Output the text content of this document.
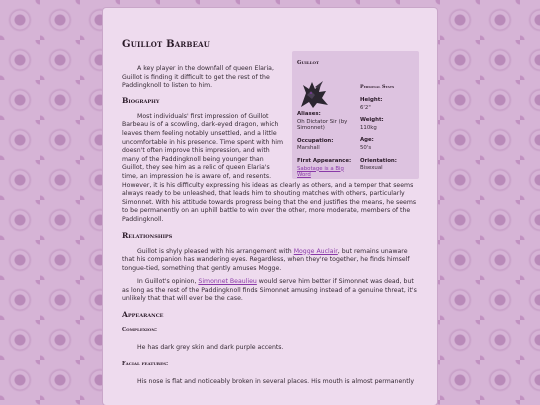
Guillot Barbeau
Guillot
Personal Stats
Aliases:
Oh Dictator Sir (by Simonnet)
Occupation:
Marshall
First Appearance:
Sabotage is a Big Word
Height:
6'2"
Weight:
110kg
Age:
50's
Orientation:
Bisexual

A key player in the downfall of queen Elaria, Guillot is finding it difficult to get the rest of the Paddingknoll to listen to him.

Biography

Most individuals' first impression of Guillot Barbeau is of a scowling, dark-eyed dragon, which leaves them feeling notably unsettled, and a little uncomfortable in his presence. Time spent with him doesn't often improve this impression, and with many of the Paddingknoll being younger than Guillot, they see him as a relic of queen Elaria's time, an impression he is aware of, and resents. However, it is his difficulty expressing his ideas as clearly as others, and a temper that seems always ready to be unleashed, that leads him to shouting matches with others, particularly Simonnet. With his attitude towards progress being that the end justifies the means, he seems to be permanently on an uphill battle to win over the other, more moderate, members of the Paddingknoll.

Relationships

Guillot is shyly pleased with his arrangement with Mogge Auclair, but remains unaware that his companion has wandering eyes. Regardless, when they're together, he finds himself tongue-tied, something that gently amuses Mogge.

In Guillot's opinion, Simonnet Beaulieu would serve him better if Simonnet was dead, but as long as the rest of the Paddingknoll finds Simonnet amusing instead of a genuine threat, it's unlikely that that will ever be the case.

Appearance
Complexion:

He has dark grey skin and dark purple accents.

Facial features:

His nose is flat and noticeably broken in several places. His mouth is almost permanently
